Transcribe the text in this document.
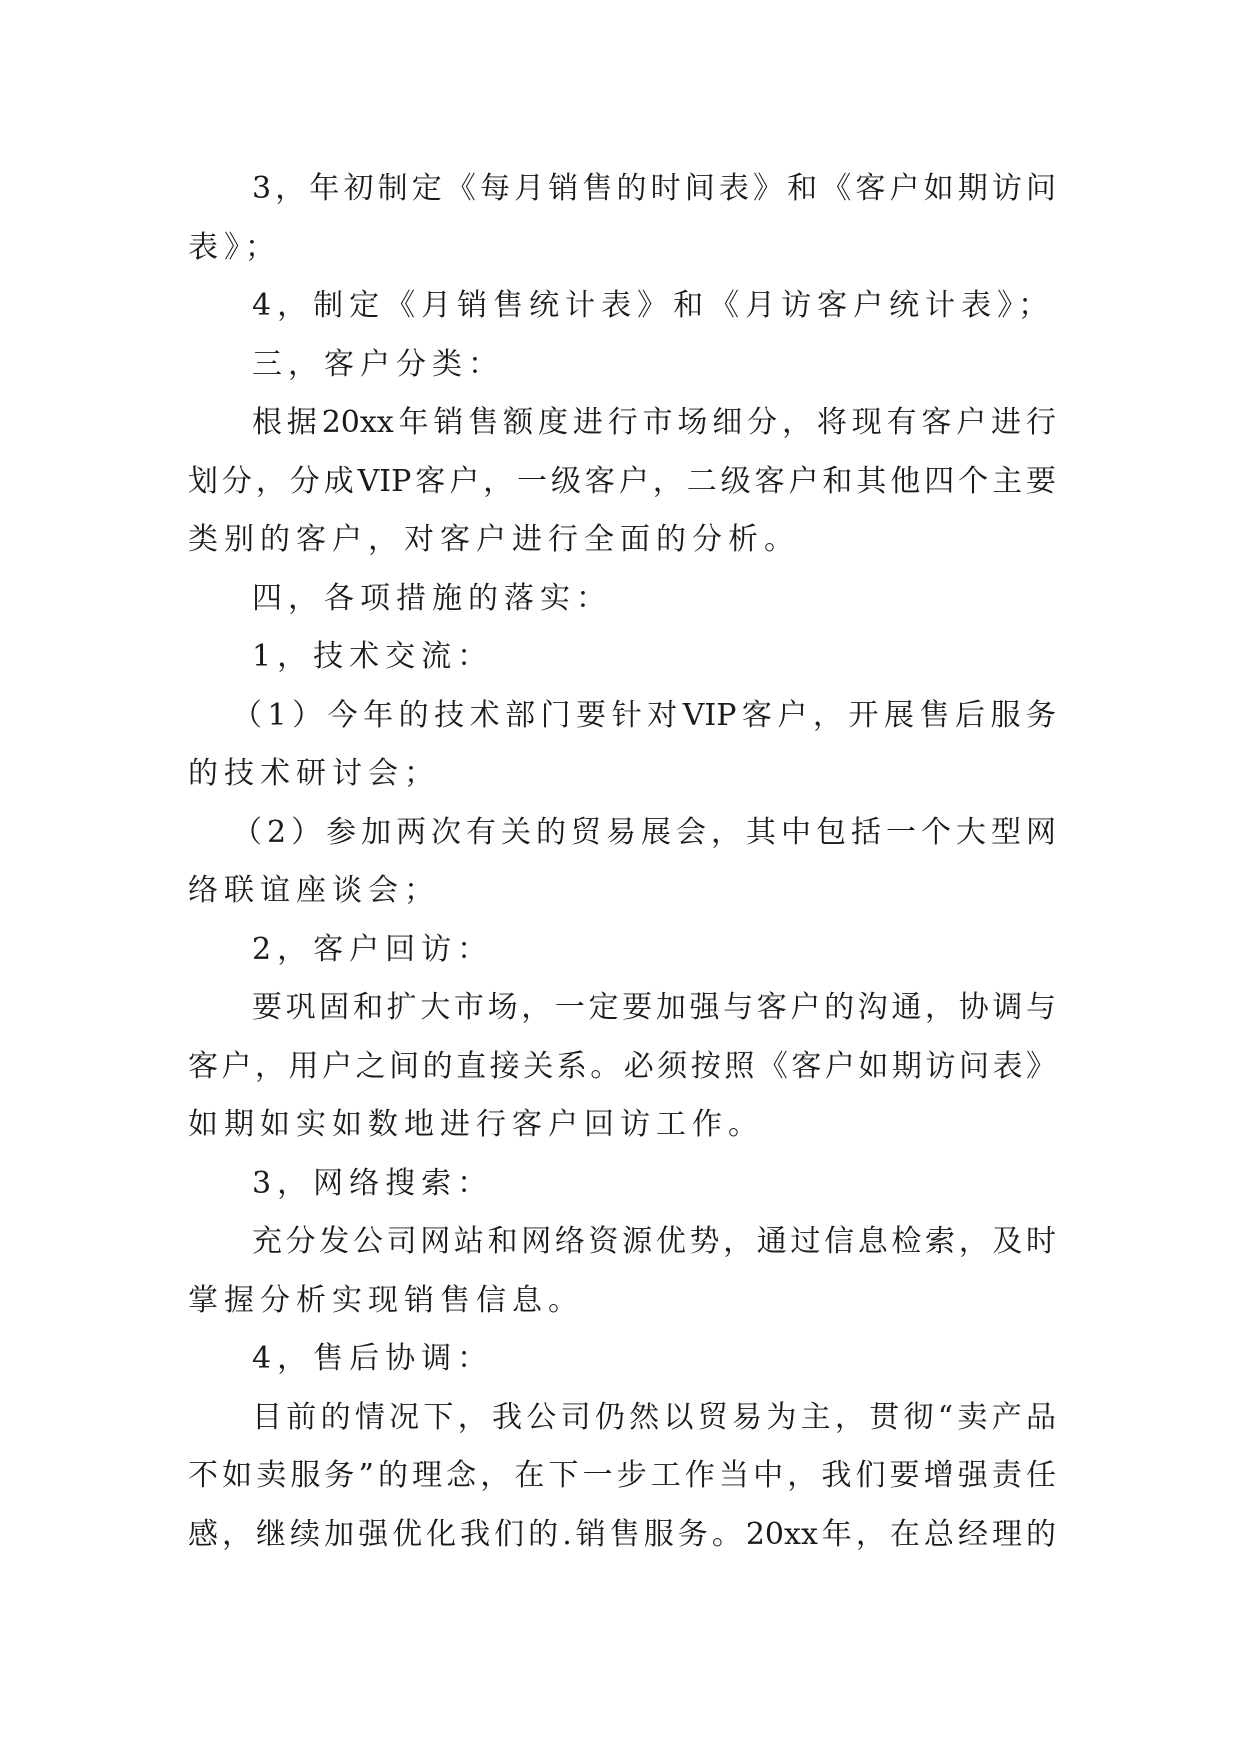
3，年初制定《每月销售的时间表》和《客户如期访问
表》；
4，制定《月销售统计表》和《月访客户统计表》；
三，客户分类：
根据20xx年销售额度进行市场细分，将现有客户进行
划分，分成VIP客户，一级客户，二级客户和其他四个主要
类别的客户，对客户进行全面的分析。
四，各项措施的落实：
1，技术交流：
（1）今年的技术部门要针对VIP客户，开展售后服务
的技术研讨会；
（2）参加两次有关的贸易展会，其中包括一个大型网
络联谊座谈会；
2，客户回访：
要巩固和扩大市场，一定要加强与客户的沟通，协调与
客户，用户之间的直接关系。必须按照《客户如期访问表》
如期如实如数地进行客户回访工作。
3，网络搜索：
充分发公司网站和网络资源优势，通过信息检索，及时
掌握分析实现销售信息。
4，售后协调：
目前的情况下，我公司仍然以贸易为主，贯彻“卖产品
不如卖服务”的理念，在下一步工作当中，我们要增强责任
感，继续加强优化我们的.销售服务。20xx年，在总经理的
